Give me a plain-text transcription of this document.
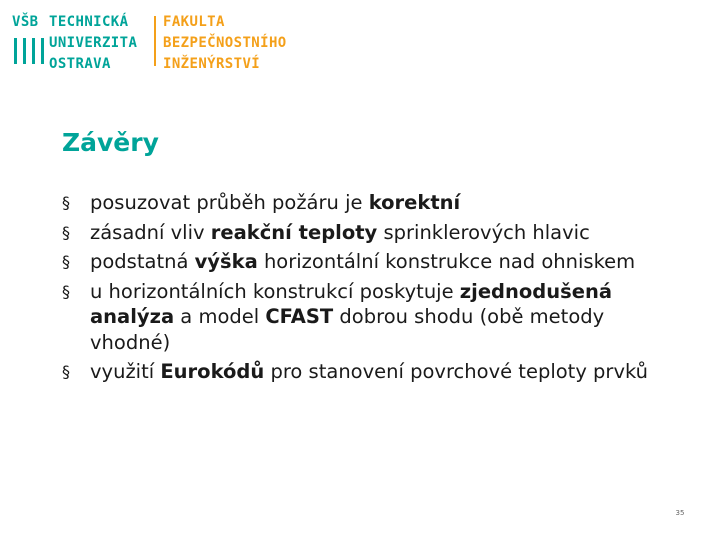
VŠB TECHNICKÁ
UNIVERZITA
OSTRAVA
FAKULTA
BEZPEČNOSTNÍHO
INŽENÝRSTVÍ
Závěry
§ posuzovat průběh požáru je korektní
§ zásadní vliv reakční teploty sprinklerových hlavic
§ podstatná výška horizontální konstrukce nad ohniskem
§ u horizontálních konstrukcí poskytuje zjednodušená analýza a model CFAST dobrou shodu (obě metody vhodné)
§ využití Eurokódů pro stanovení povrchové teploty prvků
35
